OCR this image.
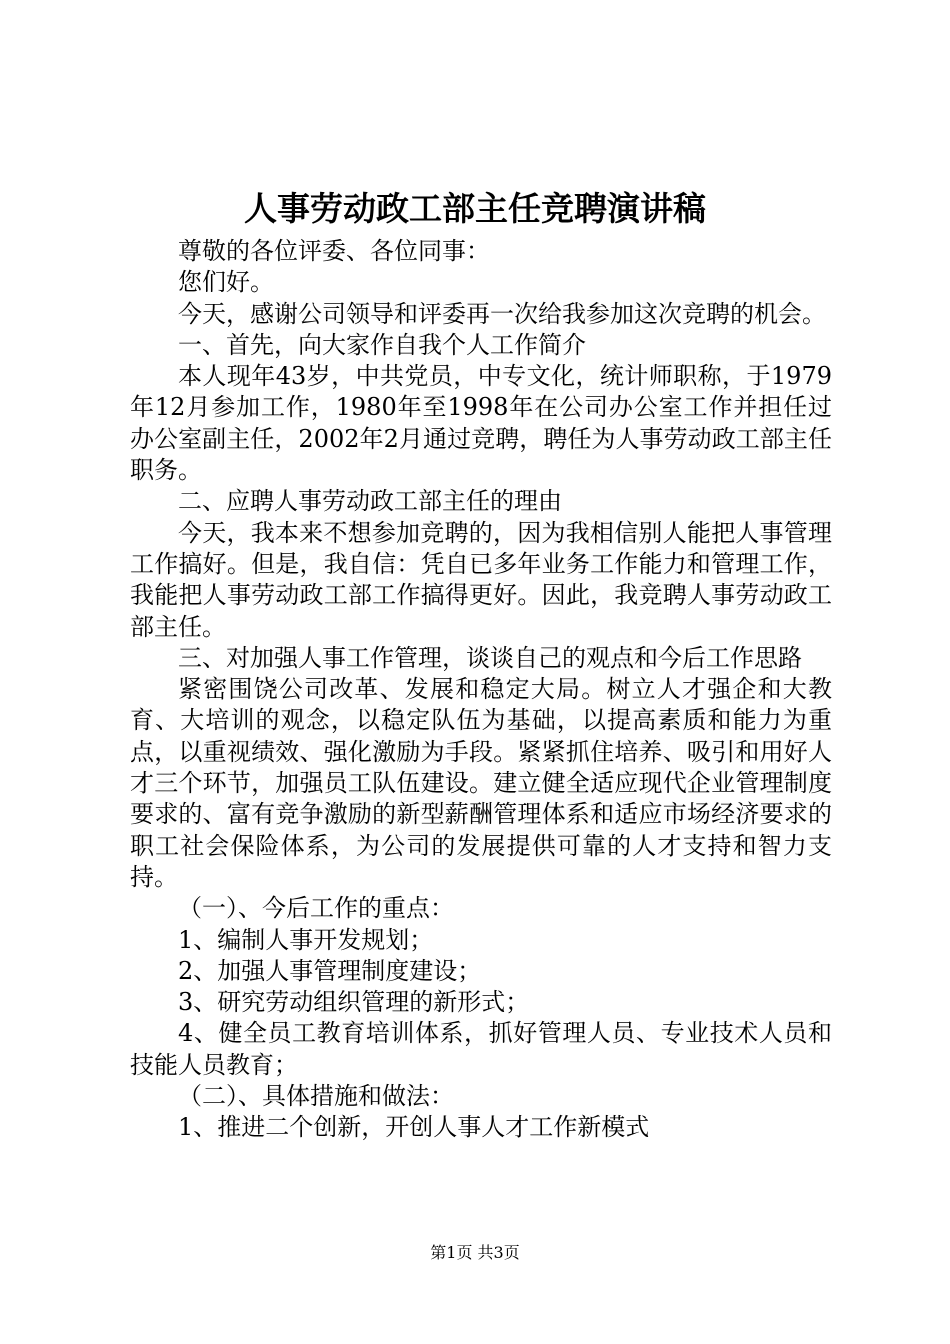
人事劳动政工部主任竞聘演讲稿

尊敬的各位评委、各位同事：

您们好。

今天，感谢公司领导和评委再一次给我参加这次竞聘的机会。

一、首先，向大家作自我个人工作简介

本人现年43岁，中共党员，中专文化，统计师职称，于1979年12月参加工作，1980年至1998年在公司办公室工作并担任过办公室副主任，2002年2月通过竞聘，聘任为人事劳动政工部主任职务。

二、应聘人事劳动政工部主任的理由

今天，我本来不想参加竞聘的，因为我相信别人能把人事管理工作搞好。但是，我自信：凭自已多年业务工作能力和管理工作，我能把人事劳动政工部工作搞得更好。因此，我竞聘人事劳动政工部主任。

三、对加强人事工作管理，谈谈自己的观点和今后工作思路

紧密围饶公司改革、发展和稳定大局。树立人才强企和大教育、大培训的观念，以稳定队伍为基础，以提高素质和能力为重点，以重视绩效、强化激励为手段。紧紧抓住培养、吸引和用好人才三个环节，加强员工队伍建设。建立健全适应现代企业管理制度要求的、富有竞争激励的新型薪酬管理体系和适应市场经济要求的职工社会保险体系，为公司的发展提供可靠的人才支持和智力支持。

（一）、今后工作的重点：

1、编制人事开发规划；

2、加强人事管理制度建设；

3、研究劳动组织管理的新形式；

4、健全员工教育培训体系，抓好管理人员、专业技术人员和技能人员教育；

（二）、具体措施和做法：

1、推进二个创新，开创人事人才工作新模式

第1页 共3页
